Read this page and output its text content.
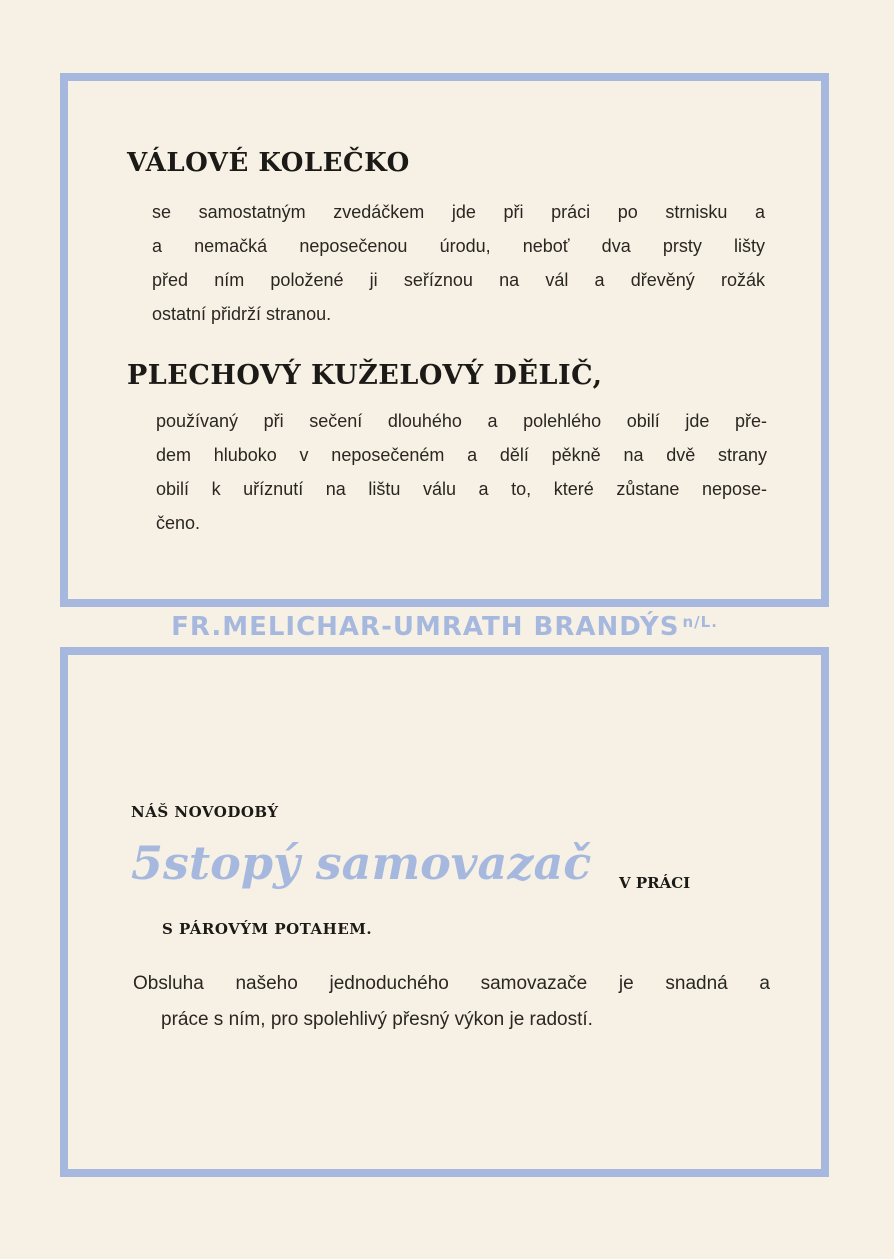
VÁLOVÉ KOLEČKO
se samostatným zvedáčkem jde při práci po strnisku a
a nemačká neposečenou úrodu, neboť dva prsty lišty
před ním položené ji seříznou na vál a dřevěný rožák
ostatní přidrží stranou.
PLECHOVÝ KUŽELOVÝ DĚLIČ,
používaný při sečení dlouhého a polehlého obilí jde pře-
dem hluboko v neposečeném a dělí pěkně na dvě strany
obilí k uříznutí na lištu válu a to, které zůstane nepose-
čeno.
FR.MELICHAR-UMRATH BRANDÝS $^{n/L.}$
NÁŠ NOVODOBÝ
5stopý samovazač V PRÁCI
S PÁROVÝM POTAHEM.
Obsluha našeho jednoduchého samovazače je snadná a
práce s ním, pro spolehlivý přesný výkon je radostí.
